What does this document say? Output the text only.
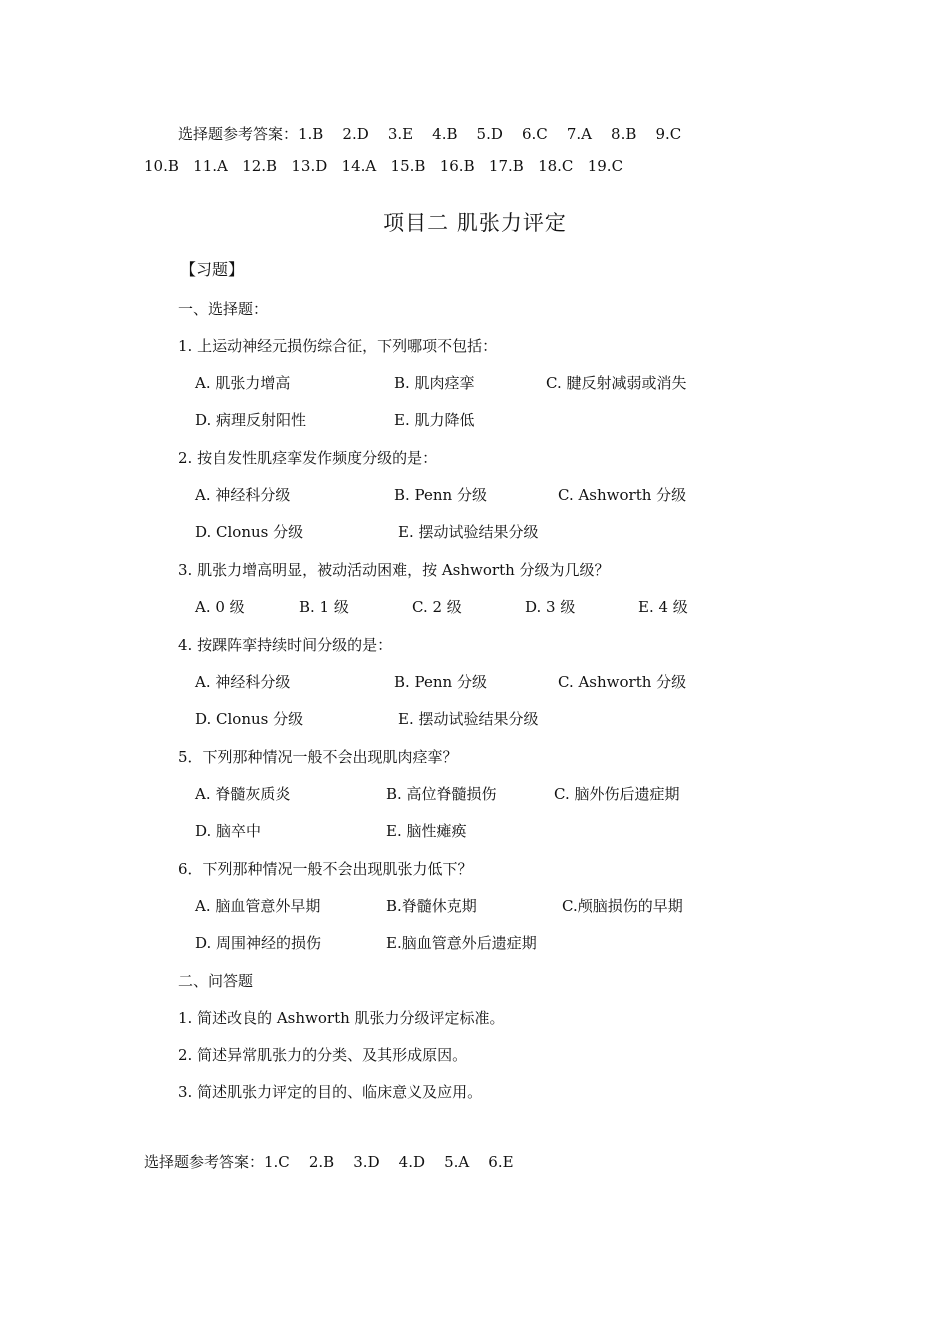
选择题参考答案：1.B    2.D    3.E    4.B    5.D    6.C    7.A    8.B    9.C
10.B   11.A   12.B   13.D   14.A   15.B   16.B   17.B   18.C   19.C
项目二 肌张力评定
【习题】
一、选择题：
1. 上运动神经元损伤综合征，下列哪项不包括：
A. 肌张力增高	B. 肌肉痉挛	C. 腱反射减弱或消失
D. 病理反射阳性	E. 肌力降低
2. 按自发性肌痉挛发作频度分级的是：
A. 神经科分级	B. Penn 分级	C. Ashworth 分级
D. Clonus 分级	E. 摆动试验结果分级
3. 肌张力增高明显，被动活动困难，按 Ashworth 分级为几级？
A. 0 级	B. 1 级	C. 2 级	D. 3 级	E. 4 级
4. 按踝阵挛持续时间分级的是：
A. 神经科分级	B. Penn 分级	C. Ashworth 分级
D. Clonus 分级	E. 摆动试验结果分级
5．下列那种情况一般不会出现肌肉痉挛？
A. 脊髓灰质炎	B. 高位脊髓损伤	C. 脑外伤后遗症期
D. 脑卒中	E. 脑性瘫痪
6．下列那种情况一般不会出现肌张力低下？
A. 脑血管意外早期	B.脊髓休克期	C.颅脑损伤的早期
D. 周围神经的损伤	E.脑血管意外后遗症期
二、问答题
1. 简述改良的 Ashworth 肌张力分级评定标准。
2. 简述异常肌张力的分类、及其形成原因。
3. 简述肌张力评定的目的、临床意义及应用。
选择题参考答案：1.C    2.B    3.D    4.D    5.A    6.E
